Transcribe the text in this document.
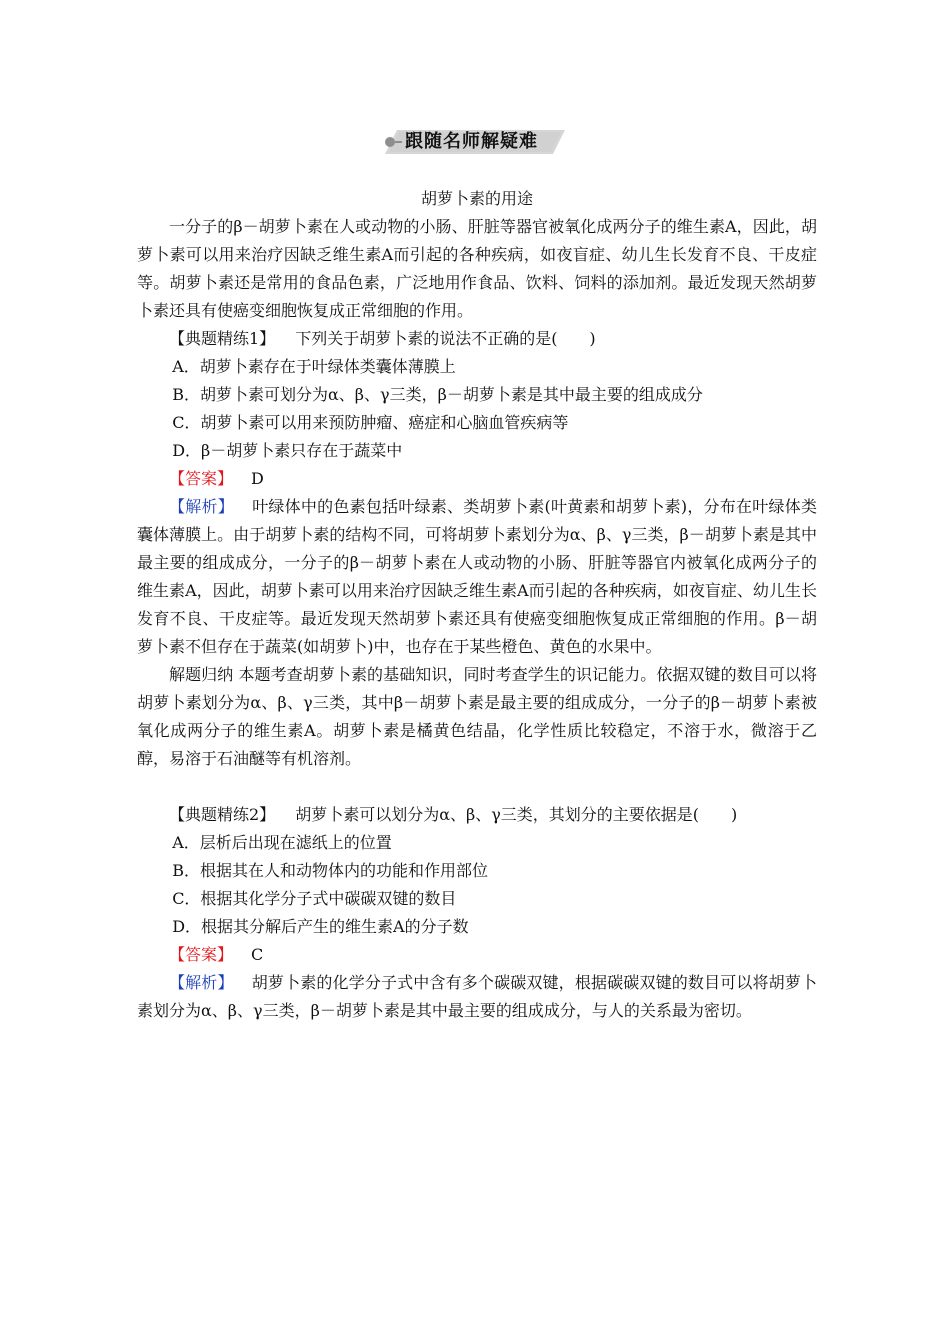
跟随名师解疑难

胡萝卜素的用途

一分子的β－胡萝卜素在人或动物的小肠、肝脏等器官被氧化成两分子的维生素A，因此，胡萝卜素可以用来治疗因缺乏维生素A而引起的各种疾病，如夜盲症、幼儿生长发育不良、干皮症等。胡萝卜素还是常用的食品色素，广泛地用作食品、饮料、饲料的添加剂。最近发现天然胡萝卜素还具有使癌变细胞恢复成正常细胞的作用。

【典题精练1】 下列关于胡萝卜素的说法不正确的是(　　)

A．胡萝卜素存在于叶绿体类囊体薄膜上

B．胡萝卜素可划分为α、β、γ三类，β－胡萝卜素是其中最主要的组成成分

C．胡萝卜素可以用来预防肿瘤、癌症和心脑血管疾病等

D．β－胡萝卜素只存在于蔬菜中

【答案】 D

【解析】 叶绿体中的色素包括叶绿素、类胡萝卜素(叶黄素和胡萝卜素)，分布在叶绿体类囊体薄膜上。由于胡萝卜素的结构不同，可将胡萝卜素划分为α、β、γ三类，β－胡萝卜素是其中最主要的组成成分，一分子的β－胡萝卜素在人或动物的小肠、肝脏等器官内被氧化成两分子的维生素A，因此，胡萝卜素可以用来治疗因缺乏维生素A而引起的各种疾病，如夜盲症、幼儿生长发育不良、干皮症等。最近发现天然胡萝卜素还具有使癌变细胞恢复成正常细胞的作用。β－胡萝卜素不但存在于蔬菜(如胡萝卜)中，也存在于某些橙色、黄色的水果中。

解题归纳 本题考查胡萝卜素的基础知识，同时考查学生的识记能力。依据双键的数目可以将胡萝卜素划分为α、β、γ三类，其中β－胡萝卜素是最主要的组成成分，一分子的β－胡萝卜素被氧化成两分子的维生素A。胡萝卜素是橘黄色结晶，化学性质比较稳定，不溶于水，微溶于乙醇，易溶于石油醚等有机溶剂。

【典题精练2】 胡萝卜素可以划分为α、β、γ三类，其划分的主要依据是(　　)

A．层析后出现在滤纸上的位置

B．根据其在人和动物体内的功能和作用部位

C．根据其化学分子式中碳碳双键的数目

D．根据其分解后产生的维生素A的分子数

【答案】 C

【解析】 胡萝卜素的化学分子式中含有多个碳碳双键，根据碳碳双键的数目可以将胡萝卜素划分为α、β、γ三类，β－胡萝卜素是其中最主要的组成成分，与人的关系最为密切。
